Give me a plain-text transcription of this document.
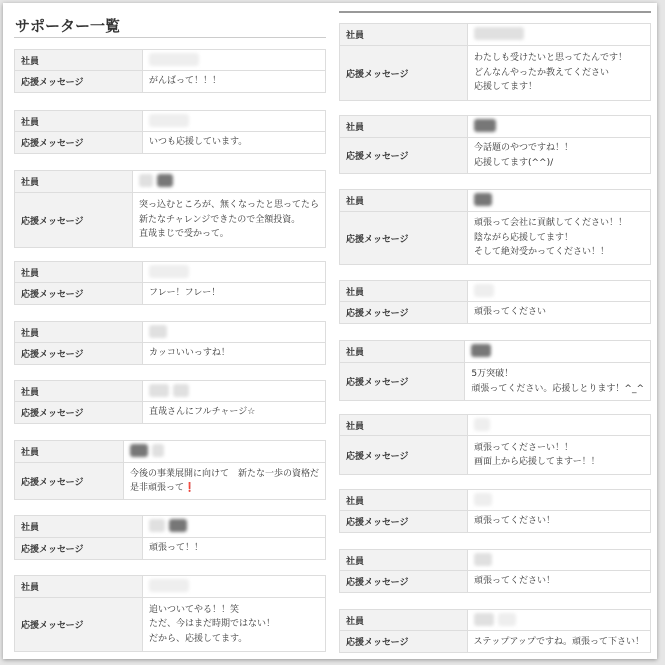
サポーター一覧
社員	
応援メッセージ	がんばって！！！
社員	
応援メッセージ	いつも応援しています。
社員	
応援メッセージ	突っ込むところが、無くなったと思ってたら
新たなチャレンジできたので全額投資。
直哉まじで受かって。
社員	
応援メッセージ	フレー！フレー！
社員	
応援メッセージ	カッコいいっすね！
社員	
応援メッセージ	直哉さんにフルチャージ☆
社員	
応援メッセージ	今後の事業展開に向けて　新たな一歩の資格だ
是非頑張って❗
社員	
応援メッセージ	頑張って！！
社員	
応援メッセージ	追いついてやる！！笑
ただ、今はまだ時期ではない！
だから、応援してます。
社員	
応援メッセージ	わたしも受けたいと思ってたんです！
どんなんやったか教えてください
応援してます！
社員	
応援メッセージ	今話題のやつですね！！
応援してます(^^)/
社員	
応援メッセージ	頑張って会社に貢献してください！！
陰ながら応援してます！
そして絶対受かってください！！
社員	
応援メッセージ	頑張ってください
社員	
応援メッセージ	5万突破！
頑張ってください。応援しとります！^_^
社員	
応援メッセージ	頑張ってくださーい！！
画面上から応援してますー！！
社員	
応援メッセージ	頑張ってください！
社員	
応援メッセージ	頑張ってください！
社員	
応援メッセージ	ステップアップですね。頑張って下さい！
